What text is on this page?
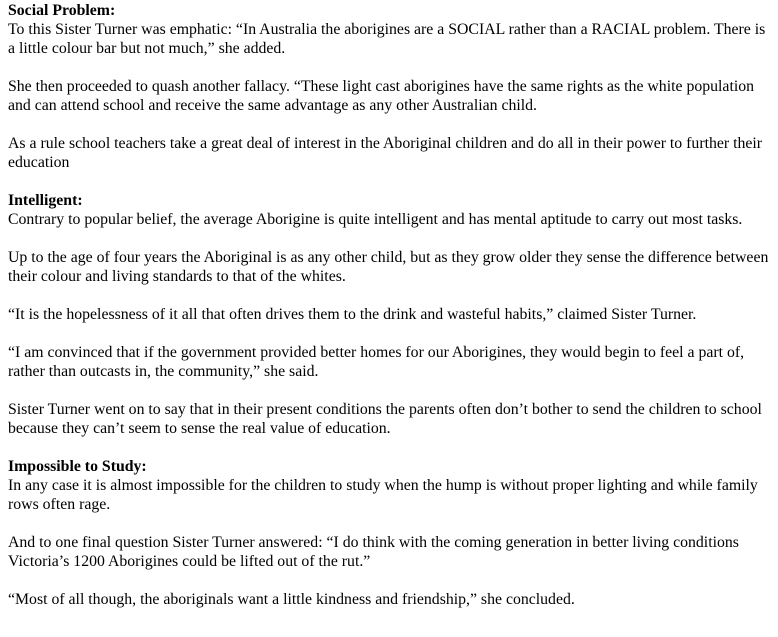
Social Problem:

To this Sister Turner was emphatic: “In Australia the aborigines are a SOCIAL rather than a RACIAL problem. There is a little colour bar but not much,” she added.

She then proceeded to quash another fallacy. “These light cast aborigines have the same rights as the white population and can attend school and receive the same advantage as any other Australian child.

As a rule school teachers take a great deal of interest in the Aboriginal children and do all in their power to further their education

Intelligent:

Contrary to popular belief, the average Aborigine is quite intelligent and has mental aptitude to carry out most tasks.

Up to the age of four years the Aboriginal is as any other child, but as they grow older they sense the difference between their colour and living standards to that of the whites.

“It is the hopelessness of it all that often drives them to the drink and wasteful habits,” claimed Sister Turner.

“I am convinced that if the government provided better homes for our Aborigines, they would begin to feel a part of, rather than outcasts in, the community,” she said.

Sister Turner went on to say that in their present conditions the parents often don’t bother to send the children to school because they can’t seem to sense the real value of education.

Impossible to Study:

In any case it is almost impossible for the children to study when the hump is without proper lighting and while family rows often rage.

And to one final question Sister Turner answered: “I do think with the coming generation in better living conditions Victoria’s 1200 Aborigines could be lifted out of the rut.”

“Most of all though, the aboriginals want a little kindness and friendship,” she concluded.
